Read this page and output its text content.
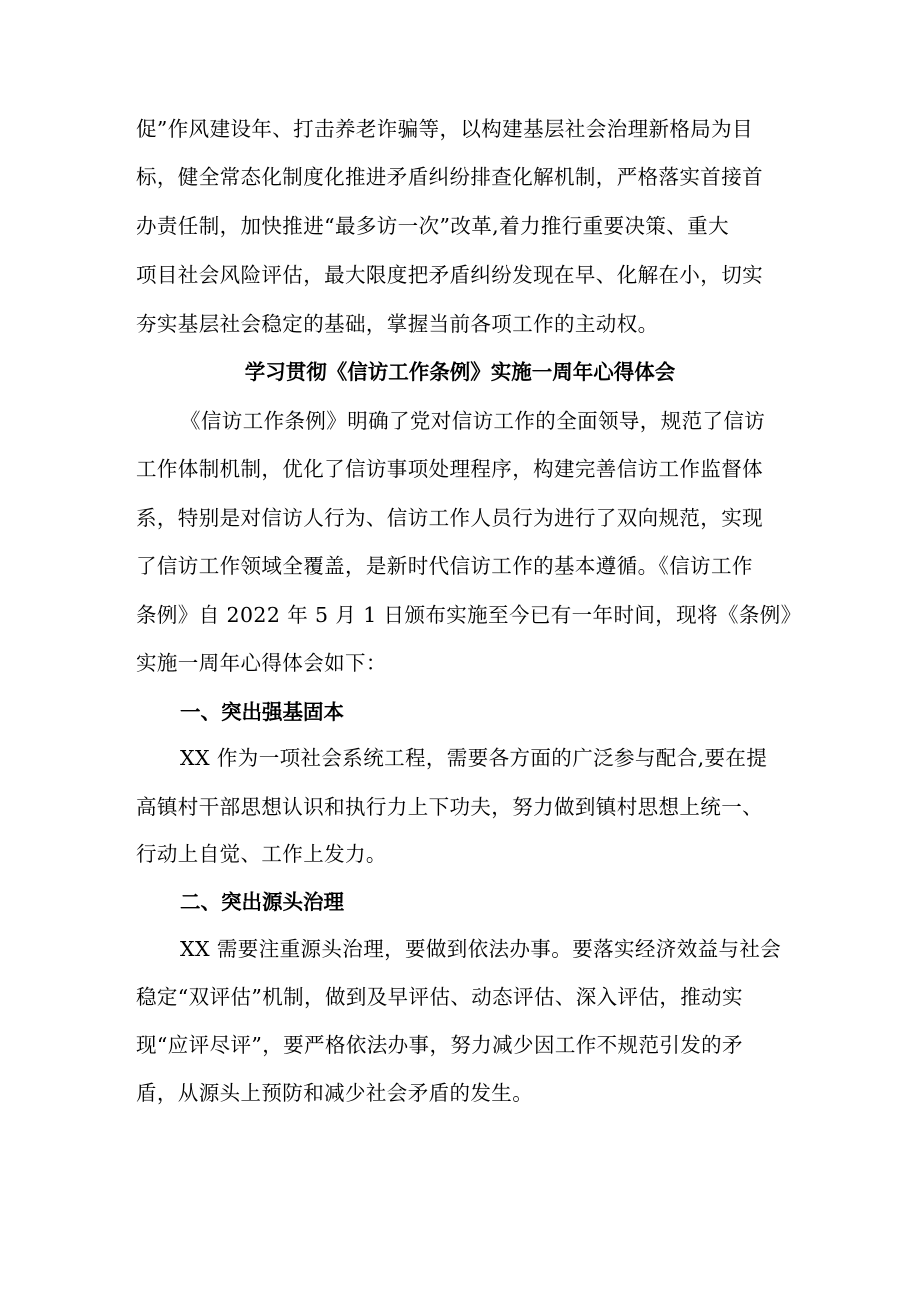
促”作风建设年、打击养老诈骗等，以构建基层社会治理新格局为目
标，健全常态化制度化推进矛盾纠纷排查化解机制，严格落实首接首
办责任制，加快推进“最多访一次”改革,着力推行重要决策、重大
项目社会风险评估，最大限度把矛盾纠纷发现在早、化解在小，切实
夯实基层社会稳定的基础，掌握当前各项工作的主动权。
学习贯彻《信访工作条例》实施一周年心得体会
《信访工作条例》明确了党对信访工作的全面领导，规范了信访
工作体制机制，优化了信访事项处理程序，构建完善信访工作监督体
系，特别是对信访人行为、信访工作人员行为进行了双向规范，实现
了信访工作领域全覆盖，是新时代信访工作的基本遵循。《信访工作
条例》自 2022 年 5 月 1 日颁布实施至今已有一年时间，现将《条例》
实施一周年心得体会如下：
一、突出强基固本
XX 作为一项社会系统工程，需要各方面的广泛参与配合,要在提
高镇村干部思想认识和执行力上下功夫，努力做到镇村思想上统一、
行动上自觉、工作上发力。
二、突出源头治理
XX 需要注重源头治理，要做到依法办事。要落实经济效益与社会
稳定“双评估”机制，做到及早评估、动态评估、深入评估，推动实
现“应评尽评”，要严格依法办事，努力减少因工作不规范引发的矛
盾，从源头上预防和减少社会矛盾的发生。
